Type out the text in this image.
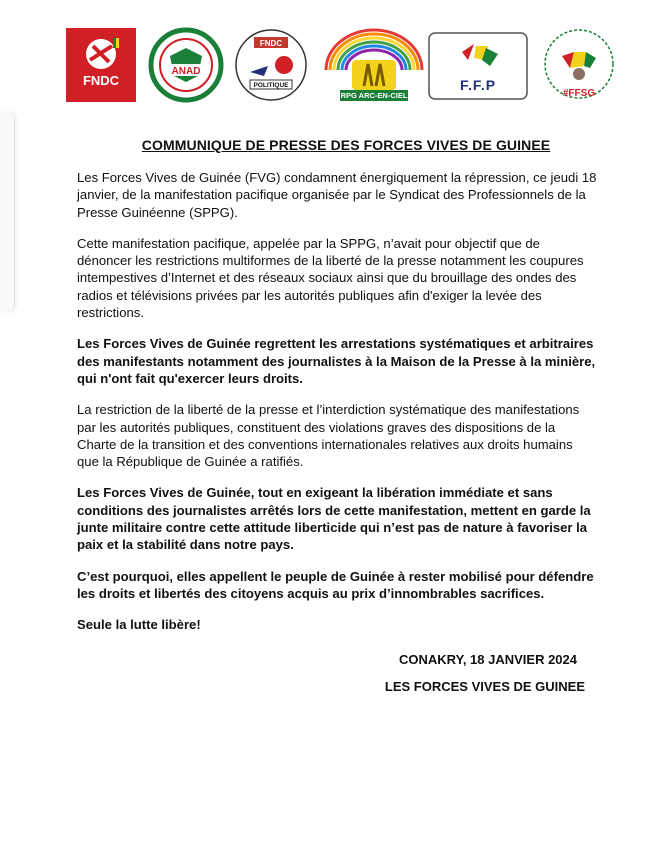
FNDC
ANAD
FNDC
POLITIQUE
RPG ARC-EN-CIEL
F.F.P
#FFSG
COMMUNIQUE DE PRESSE DES FORCES VIVES DE GUINEE

Les Forces Vives de Guinée (FVG) condamnent énergiquement la répression, ce jeudi 18 janvier, de la manifestation pacifique organisée par le Syndicat des Professionnels de la Presse Guinéenne (SPPG).

Cette manifestation pacifique, appelée par la SPPG, n’avait pour objectif que de dénoncer les restrictions multiformes de la liberté de la presse notamment les coupures intempestives d’Internet et des réseaux sociaux ainsi que du brouillage des ondes des radios et télévisions privées par les autorités publiques afin d'exiger la levée des restrictions.

Les Forces Vives de Guinée regrettent les arrestations systématiques et arbitraires des manifestants notamment des journalistes à la Maison de la Presse à la minière, qui n'ont fait qu'exercer leurs droits.

La restriction de la liberté de la presse et l’interdiction systématique des manifestations par les autorités publiques, constituent des violations graves des dispositions de la Charte de la transition et des conventions internationales relatives aux droits humains que la République de Guinée a ratifiés.

Les Forces Vives de Guinée, tout en exigeant la libération immédiate et sans conditions des journalistes arrêtés lors de cette manifestation, mettent en garde la junte militaire contre cette attitude liberticide qui n’est pas de nature à favoriser la paix et la stabilité dans notre pays.

C’est pourquoi, elles appellent le peuple de Guinée à rester mobilisé pour défendre les droits et libertés des citoyens acquis au prix d’innombrables sacrifices.

Seule la lutte libère!

CONAKRY, 18 JANVIER 2024
LES FORCES VIVES DE GUINEE
